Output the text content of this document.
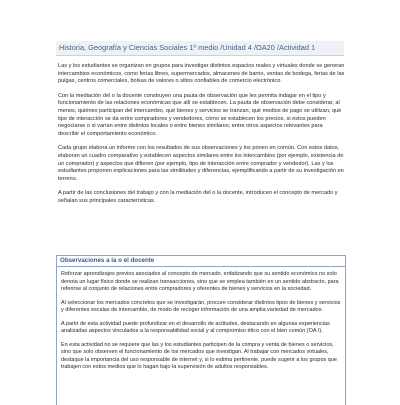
Historia, Geografía y Ciencias Sociales 1º medio /Unidad 4 /OA20 /Actividad 1

Las y los estudiantes se organizan en grupos para investigar distintos espacios reales y virtuales donde se generan intercambios económicos, como ferias libres, supermercados, almacenes de barrio, ventas de bodega, ferias de las pulgas, centros comerciales, bolsas de valores o sitios confiables de comercio electrónico.

Con la mediación del o la docente construyen una pauta de observación que les permita indagar en el tipo y funcionamiento de las relaciones económicas que allí se establecen. La pauta de observación debe considerar, al menos, quiénes participan del intercambio, qué bienes y servicios se tranzan, qué medios de pago se utilizan, qué tipo de interacción se da entre compradores y vendedores, cómo se establecen los precios, si estos pueden negociarse o si varían entre distintos locales o entre bienes similares; entre otros aspectos relevantes para describir el comportamiento económico.

Cada grupo elabora un informe con los resultados de sus observaciones y los ponen en común. Con estos datos, elaboran un cuadro comparativo y establecen aspectos similares entre los intercambios (por ejemplo, existencia de un comprador) y aspectos que difieren (por ejemplo, tipo de interacción entre comprador y vendedor). Las y los estudiantes proponen explicaciones para las similitudes y diferencias, ejemplificando a partir de su investigación en terreno.

A partir de las conclusiones del trabajo y con la mediación del o la docente, introducen el concepto de mercado y señalan sus principales características.

Observaciones a la o el docente

Reforzar aprendizajes previos asociados al concepto de mercado, enfatizando que su sentido económico no solo denota un lugar físico donde se realizan transacciones, sino que se emplea también en un sentido abstracto, para referirse al conjunto de relaciones entre compradores y oferentes de bienes y servicios en la sociedad.

Al seleccionar los mercados concretos que se investigarán, procure considerar distintos tipos de bienes y servicios y diferentes escalas de intercambio, de modo de recoger información de una amplia variedad de mercados.

A partir de esta actividad puede profundizar en el desarrollo de actitudes, destacando en algunas experiencias analizadas aspectos vinculados a la responsabilidad social y al compromiso ético con el bien común (OA I).

En esta actividad no se requiere que las y los estudiantes participen de la compra y venta de bienes o servicios, sino que solo observen el funcionamiento de los mercados que investigan. Al trabajar con mercados virtuales, destaque la importancia del uso responsable de internet y, si lo estima pertinente, puede sugerir a los grupos que trabajen con estos medios que lo hagan bajo la supervisión de adultos responsables.
